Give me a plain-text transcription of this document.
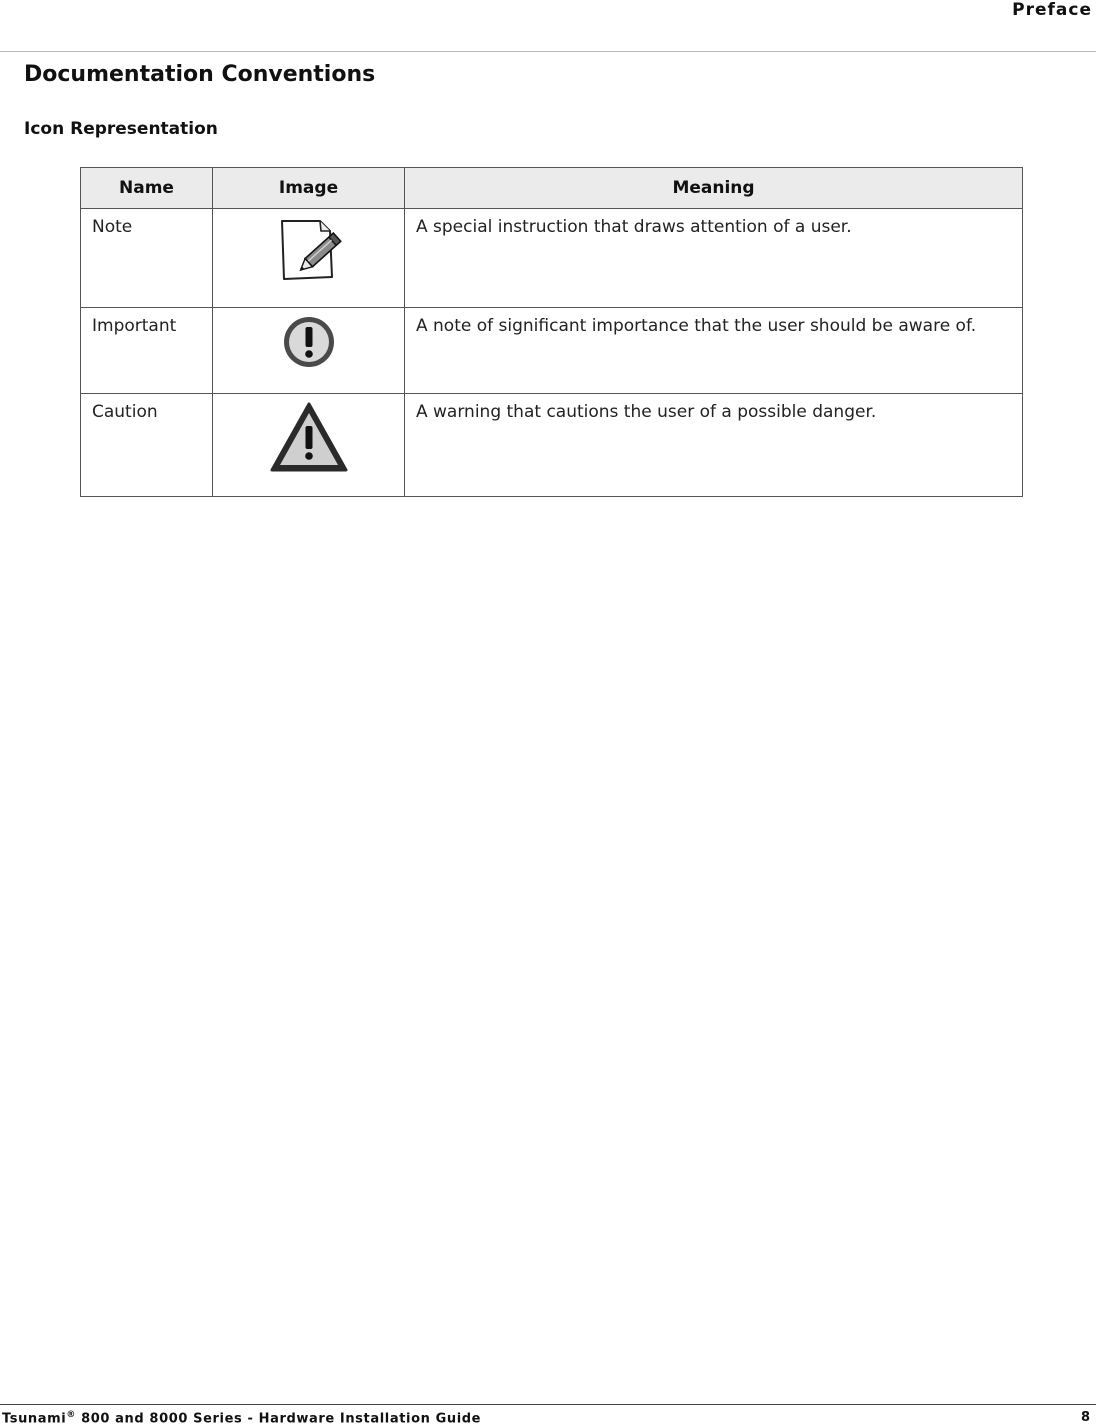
Preface
Documentation Conventions
Icon Representation
Name	Image	Meaning
Note		A special instruction that draws attention of a user.
Important		A note of significant importance that the user should be aware of.
Caution		A warning that cautions the user of a possible danger.
Tsunami® 800 and 8000 Series - Hardware Installation Guide	8
